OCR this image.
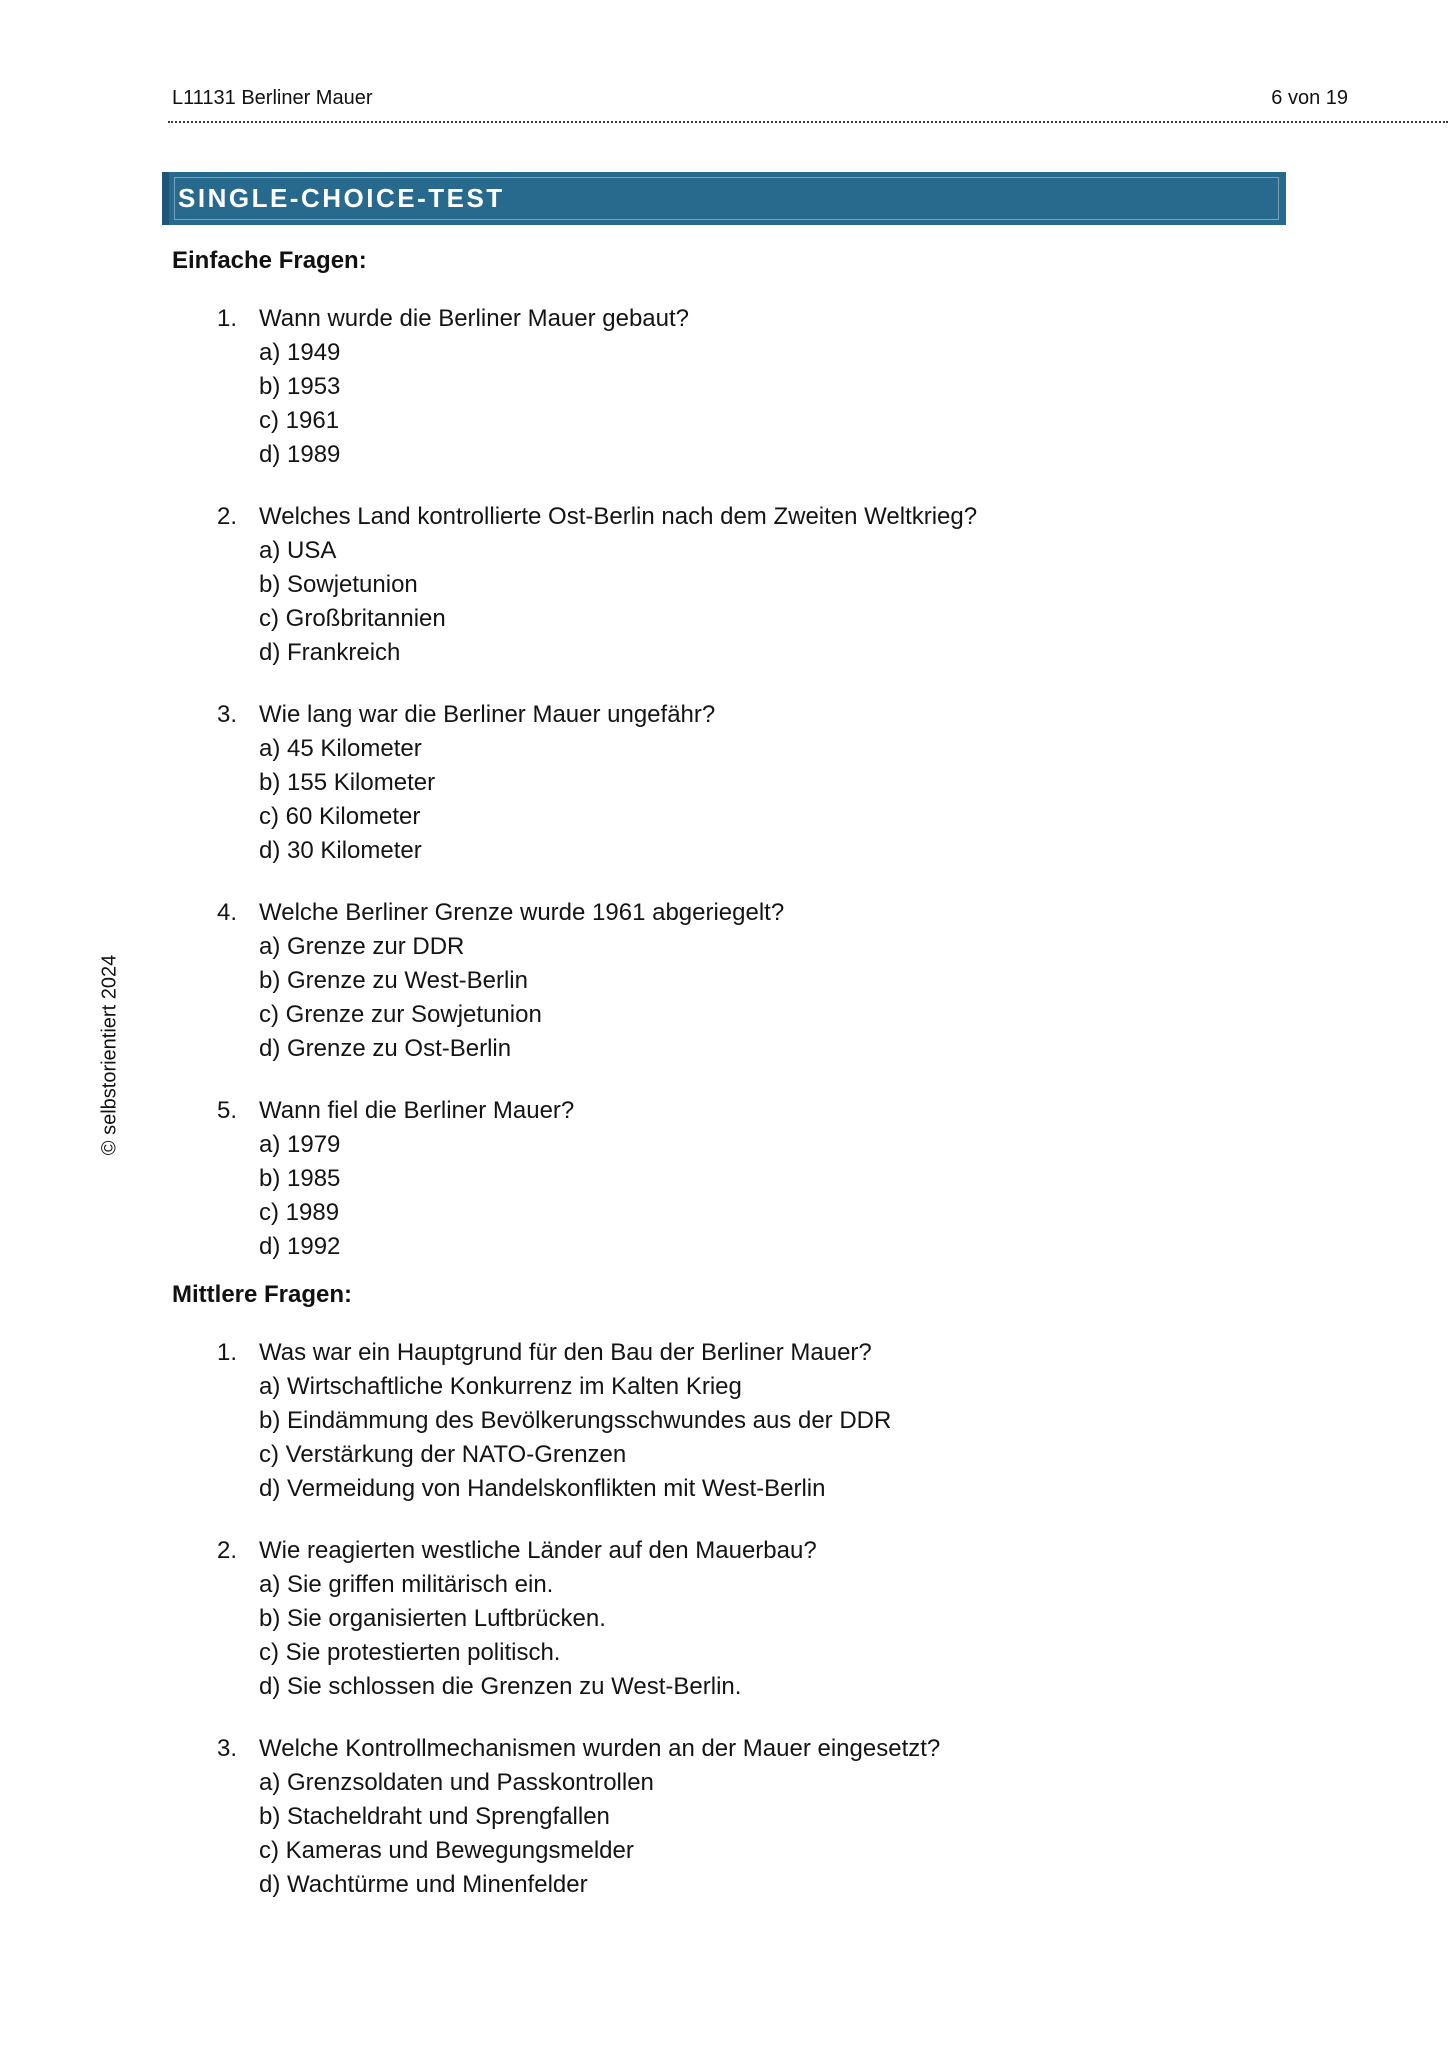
L11131 Berliner Mauer	6 von 19
SINGLE-CHOICE-TEST

Einfache Fragen:

1. Wann wurde die Berliner Mauer gebaut?
a) 1949
b) 1953
c) 1961
d) 1989
2. Welches Land kontrollierte Ost-Berlin nach dem Zweiten Weltkrieg?
a) USA
b) Sowjetunion
c) Großbritannien
d) Frankreich
3. Wie lang war die Berliner Mauer ungefähr?
a) 45 Kilometer
b) 155 Kilometer
c) 60 Kilometer
d) 30 Kilometer
4. Welche Berliner Grenze wurde 1961 abgeriegelt?
a) Grenze zur DDR
b) Grenze zu West-Berlin
c) Grenze zur Sowjetunion
d) Grenze zu Ost-Berlin
5. Wann fiel die Berliner Mauer?
a) 1979
b) 1985
c) 1989
d) 1992

Mittlere Fragen:

1. Was war ein Hauptgrund für den Bau der Berliner Mauer?
a) Wirtschaftliche Konkurrenz im Kalten Krieg
b) Eindämmung des Bevölkerungsschwundes aus der DDR
c) Verstärkung der NATO-Grenzen
d) Vermeidung von Handelskonflikten mit West-Berlin
2. Wie reagierten westliche Länder auf den Mauerbau?
a) Sie griffen militärisch ein.
b) Sie organisierten Luftbrücken.
c) Sie protestierten politisch.
d) Sie schlossen die Grenzen zu West-Berlin.
3. Welche Kontrollmechanismen wurden an der Mauer eingesetzt?
a) Grenzsoldaten und Passkontrollen
b) Stacheldraht und Sprengfallen
c) Kameras und Bewegungsmelder
d) Wachtürme und Minenfelder
© selbstorientiert 2024
